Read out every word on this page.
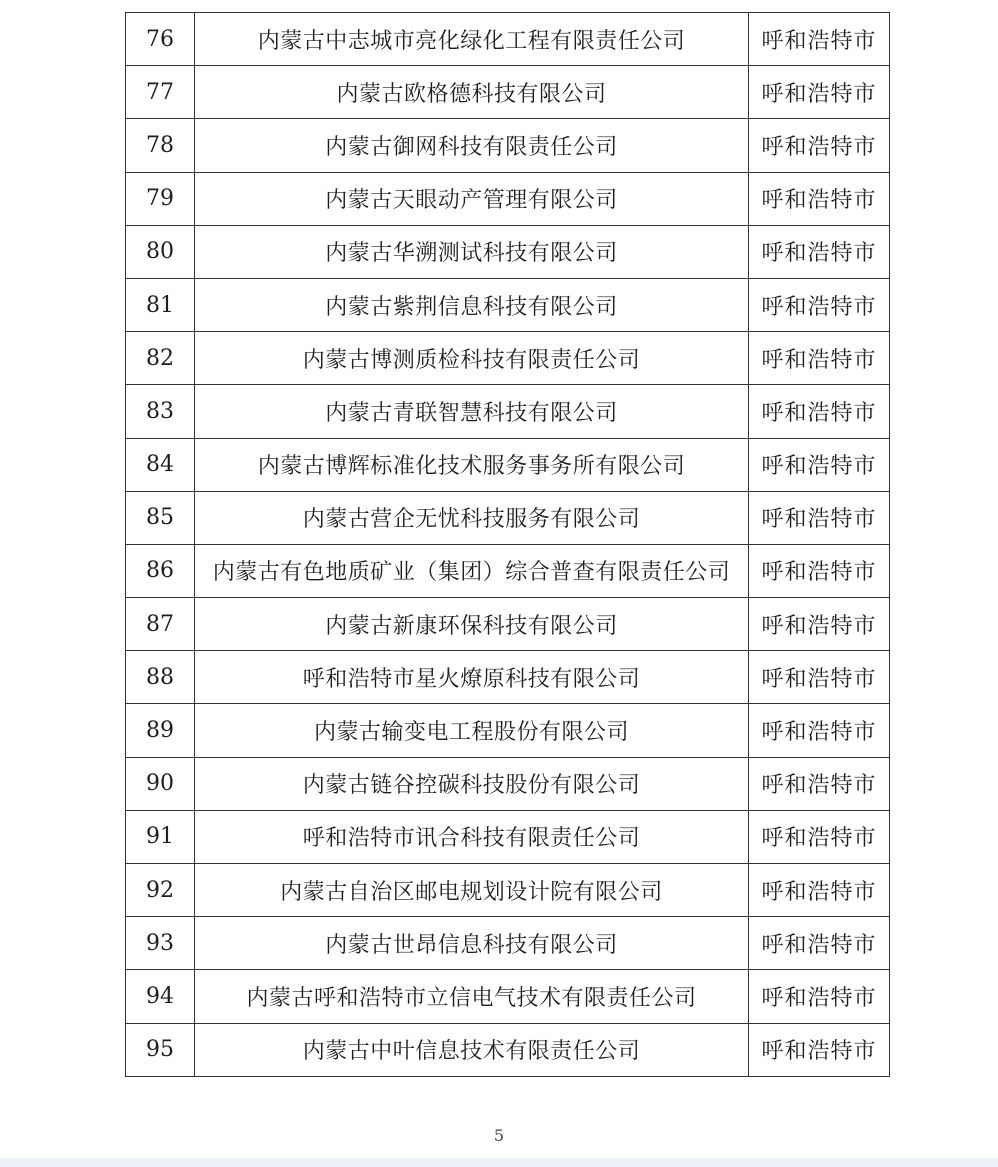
76	内蒙古中志城市亮化绿化工程有限责任公司	呼和浩特市
77	内蒙古欧格德科技有限公司	呼和浩特市
78	内蒙古御网科技有限责任公司	呼和浩特市
79	内蒙古天眼动产管理有限公司	呼和浩特市
80	内蒙古华溯测试科技有限公司	呼和浩特市
81	内蒙古紫荆信息科技有限公司	呼和浩特市
82	内蒙古博测质检科技有限责任公司	呼和浩特市
83	内蒙古青联智慧科技有限公司	呼和浩特市
84	内蒙古博辉标准化技术服务事务所有限公司	呼和浩特市
85	内蒙古营企无忧科技服务有限公司	呼和浩特市
86	内蒙古有色地质矿业（集团）综合普查有限责任公司	呼和浩特市
87	内蒙古新康环保科技有限公司	呼和浩特市
88	呼和浩特市星火燎原科技有限公司	呼和浩特市
89	内蒙古输变电工程股份有限公司	呼和浩特市
90	内蒙古链谷控碳科技股份有限公司	呼和浩特市
91	呼和浩特市讯合科技有限责任公司	呼和浩特市
92	内蒙古自治区邮电规划设计院有限公司	呼和浩特市
93	内蒙古世昂信息科技有限公司	呼和浩特市
94	内蒙古呼和浩特市立信电气技术有限责任公司	呼和浩特市
95	内蒙古中叶信息技术有限责任公司	呼和浩特市
5
